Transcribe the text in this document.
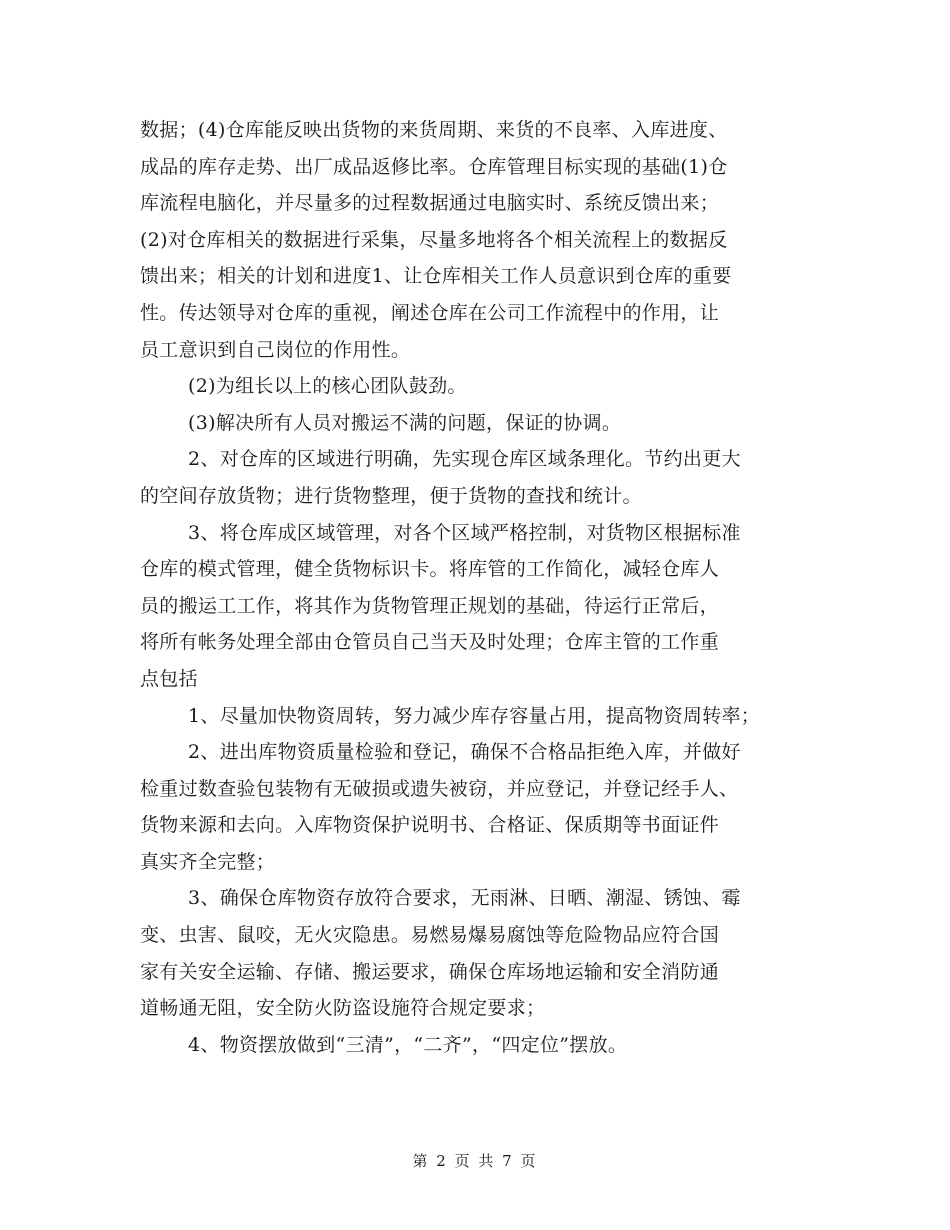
数据；(4)仓库能反映出货物的来货周期、来货的不良率、入库进度、
成品的库存走势、出厂成品返修比率。仓库管理目标实现的基础(1)仓
库流程电脑化，并尽量多的过程数据通过电脑实时、系统反馈出来；
(2)对仓库相关的数据进行采集，尽量多地将各个相关流程上的数据反
馈出来；相关的计划和进度1、让仓库相关工作人员意识到仓库的重要
性。传达领导对仓库的重视，阐述仓库在公司工作流程中的作用，让
员工意识到自己岗位的作用性。
(2)为组长以上的核心团队鼓劲。
(3)解决所有人员对搬运不满的问题，保证的协调。
2、对仓库的区域进行明确，先实现仓库区域条理化。节约出更大
的空间存放货物；进行货物整理，便于货物的查找和统计。
3、将仓库成区域管理，对各个区域严格控制，对货物区根据标准
仓库的模式管理，健全货物标识卡。将库管的工作简化，减轻仓库人
员的搬运工工作，将其作为货物管理正规划的基础，待运行正常后，
将所有帐务处理全部由仓管员自己当天及时处理；仓库主管的工作重
点包括
1、尽量加快物资周转，努力减少库存容量占用，提高物资周转率；
2、进出库物资质量检验和登记，确保不合格品拒绝入库，并做好
检重过数查验包装物有无破损或遗失被窃，并应登记，并登记经手人、
货物来源和去向。入库物资保护说明书、合格证、保质期等书面证件
真实齐全完整；
3、确保仓库物资存放符合要求，无雨淋、日晒、潮湿、锈蚀、霉
变、虫害、鼠咬，无火灾隐患。易燃易爆易腐蚀等危险物品应符合国
家有关安全运输、存储、搬运要求，确保仓库场地运输和安全消防通
道畅通无阻，安全防火防盗设施符合规定要求；
4、物资摆放做到“三清”，“二齐”，“四定位”摆放。
第 2 页 共 7 页
